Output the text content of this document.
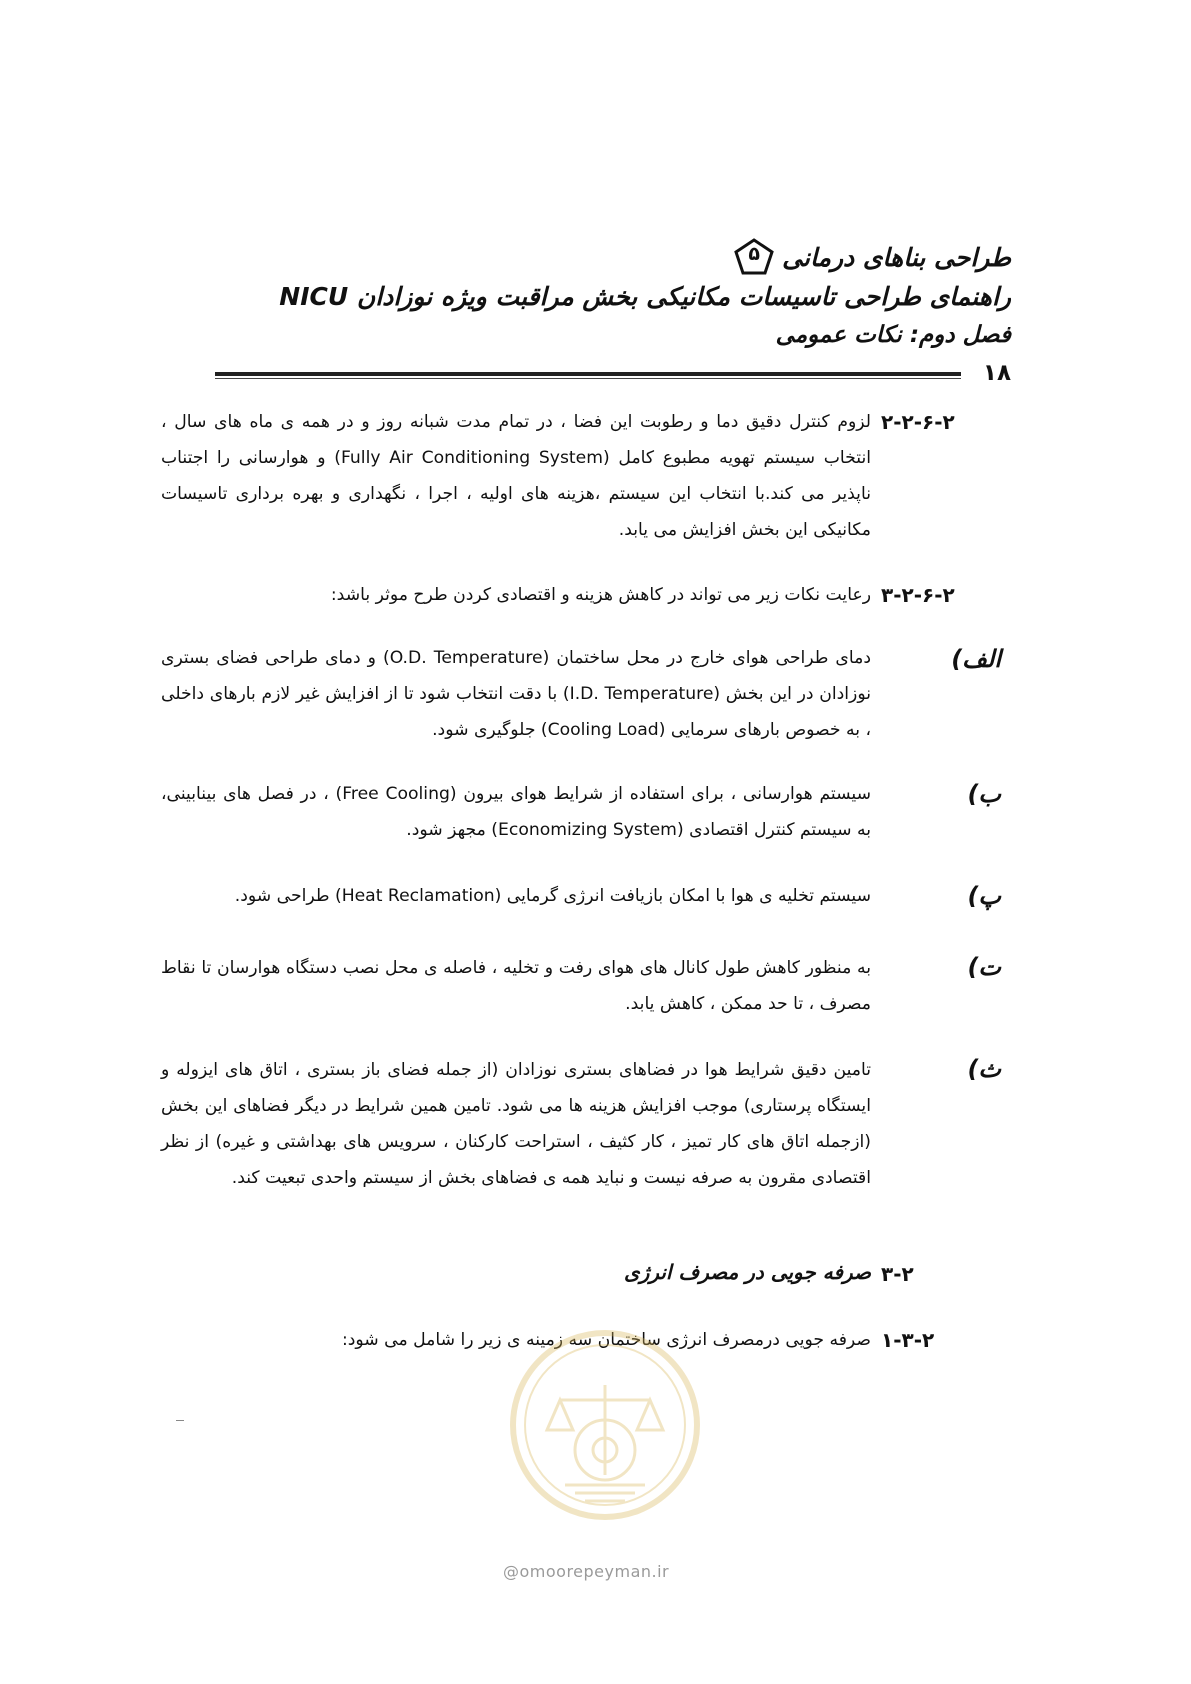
طراحی بناهای درمانی
۵
راهنمای طراحی تاسیسات مکانیکی بخش مراقبت ویژه نوزادان NICU
فصل دوم: نکات عمومی
۱۸
۲-۲-۶-۲
لزوم کنترل دقیق دما و رطوبت این فضا ، در تمام مدت شبانه روز و در همه ی ماه های سال ، انتخاب سیستم تهویه مطبوع کامل (Fully Air Conditioning System) و هوارسانی را اجتناب ناپذیر می کند.با انتخاب این سیستم ،هزینه های اولیه ، اجرا ، نگهداری و بهره برداری تاسیسات مکانیکی این بخش افزایش می یابد.
۳-۲-۶-۲
رعایت نکات زیر می تواند در کاهش هزینه و اقتصادی کردن طرح موثر باشد:
الف)
دمای طراحی هوای خارج در محل ساختمان (O.D. Temperature) و دمای طراحی فضای بستری نوزادان در این بخش (I.D. Temperature) با دقت انتخاب شود تا از افزایش غیر لازم بارهای داخلی ، به خصوص بارهای سرمایی (Cooling Load) جلوگیری شود.
ب)
سیستم هوارسانی ، برای استفاده از شرایط هوای بیرون (Free Cooling) ، در فصل های بینابینی، به سیستم کنترل اقتصادی (Economizing System) مجهز شود.
پ)
سیستم تخلیه ی هوا با امکان بازیافت انرژی گرمایی (Heat Reclamation) طراحی شود.
ت)
به منظور کاهش طول کانال های هوای رفت و تخلیه ، فاصله ی محل نصب دستگاه هوارسان تا نقاط مصرف ، تا حد ممکن ، کاهش یابد.
ث)
تامین دقیق شرایط هوا در فضاهای بستری نوزادان (از جمله فضای باز بستری ، اتاق های ایزوله و ایستگاه پرستاری) موجب افزایش هزینه ها می شود. تامین همین شرایط در دیگر فضاهای این بخش (ازجمله اتاق های کار تمیز ، کار کثیف ، استراحت کارکنان ، سرویس های بهداشتی و غیره) از نظر اقتصادی مقرون به صرفه نیست و نباید همه ی فضاهای بخش از سیستم واحدی تبعیت کند.
۳-۲
صرفه جویی در مصرف انرژی
۱-۳-۲
صرفه جویی درمصرف انرژی ساختمان سه زمینه ی زیر را شامل می شود:
@omoorepeyman.ir
